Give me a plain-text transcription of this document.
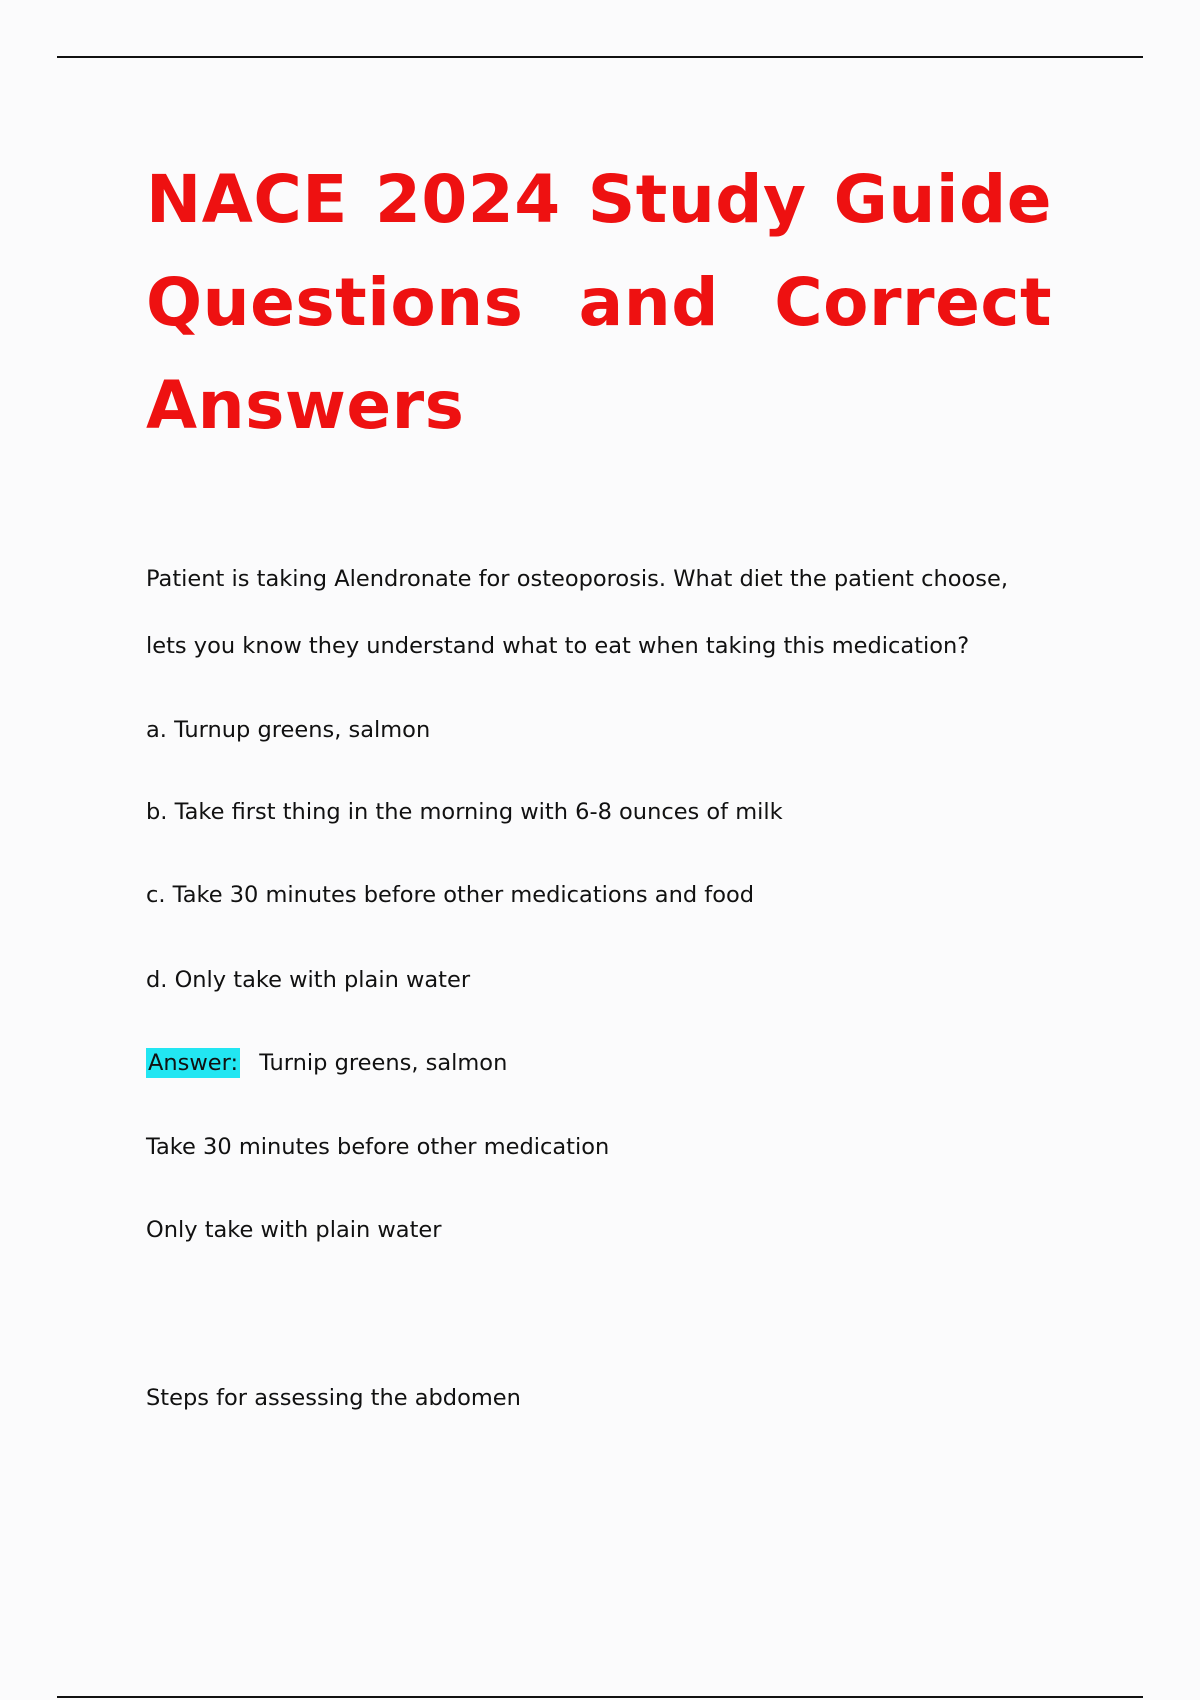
NACE 2024 Study Guide
Questions and Correct
Answers
Patient is taking Alendronate for osteoporosis. What diet the patient choose,
lets you know they understand what to eat when taking this medication?
a. Turnup greens, salmon
b. Take first thing in the morning with 6-8 ounces of milk
c. Take 30 minutes before other medications and food
d. Only take with plain water
Answer: Turnip greens, salmon
Take 30 minutes before other medication
Only take with plain water
Steps for assessing the abdomen
